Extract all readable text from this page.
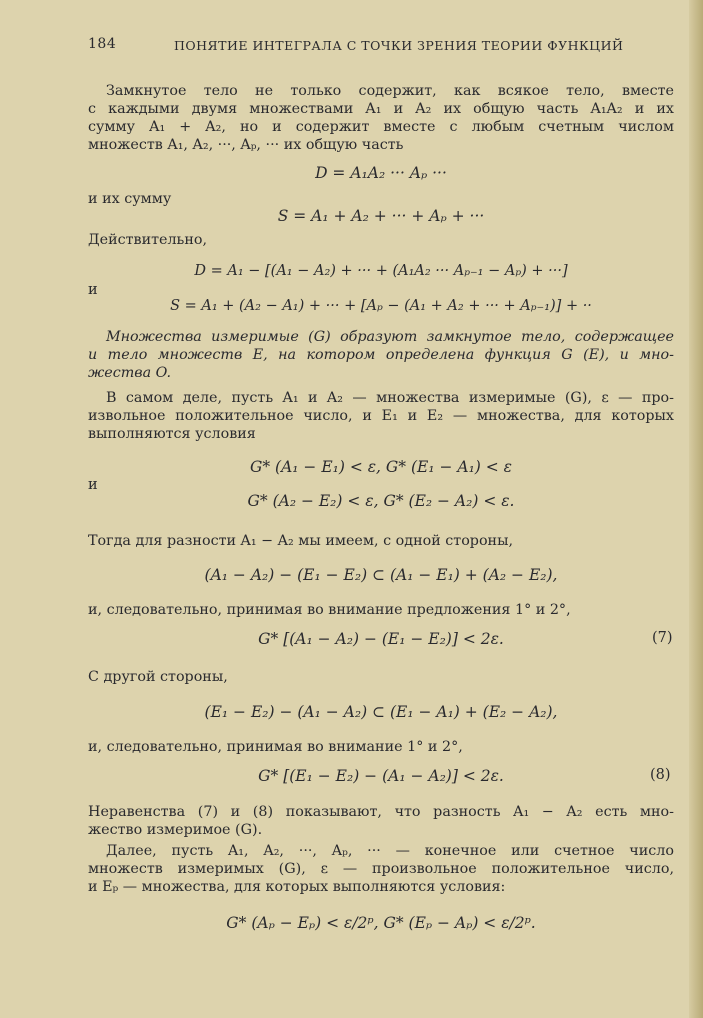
184	ПОНЯТИЕ ИНТЕГРАЛА С ТОЧКИ ЗРЕНИЯ ТЕОРИИ ФУНКЦИЙ
Замкнутое тело не только содержит, как всякое тело, вместе
с каждыми двумя множествами A₁ и A₂ их общую часть A₁A₂ и их
сумму A₁ + A₂, но и содержит вместе с любым счетным числом
множеств A₁, A₂, ···, Aₚ, ··· их общую часть
D = A₁A₂ ··· Aₚ ···
и их сумму
S = A₁ + A₂ + ··· + Aₚ + ···
Действительно,
D = A₁ − [(A₁ − A₂) + ··· + (A₁A₂ ··· Aₚ₋₁ − Aₚ) + ···]
и
S = A₁ + (A₂ − A₁) + ··· + [Aₚ − (A₁ + A₂ + ··· + Aₚ₋₁)] + ··
Множества измеримые (G) образуют замкнутое тело, содержащее
и тело множеств E, на котором определена функция G (E), и мно-
жества O.
В самом деле, пусть A₁ и A₂ — множества измеримые (G), ε — про-
извольное положительное число, и E₁ и E₂ — множества, для которых
выполняются условия
G* (A₁ − E₁) < ε, G* (E₁ − A₁) < ε
и
G* (A₂ − E₂) < ε, G* (E₂ − A₂) < ε.
Тогда для разности A₁ − A₂ мы имеем, с одной стороны,
(A₁ − A₂) − (E₁ − E₂) ⊂ (A₁ − E₁) + (A₂ − E₂),
и, следовательно, принимая во внимание предложения 1° и 2°,
G* [(A₁ − A₂) − (E₁ − E₂)] < 2ε.	(7)
С другой стороны,
(E₁ − E₂) − (A₁ − A₂) ⊂ (E₁ − A₁) + (E₂ − A₂),
и, следовательно, принимая во внимание 1° и 2°,
G* [(E₁ − E₂) − (A₁ − A₂)] < 2ε.	(8)
Неравенства (7) и (8) показывают, что разность A₁ − A₂ есть мно-
жество измеримое (G).
Далее, пусть A₁, A₂, ···, Aₚ, ··· — конечное или счетное число
множеств измеримых (G), ε — произвольное положительное число,
и Eₚ — множества, для которых выполняются условия:
G* (Aₚ − Eₚ) < ε/2ᵖ, G* (Eₚ − Aₚ) < ε/2ᵖ.
